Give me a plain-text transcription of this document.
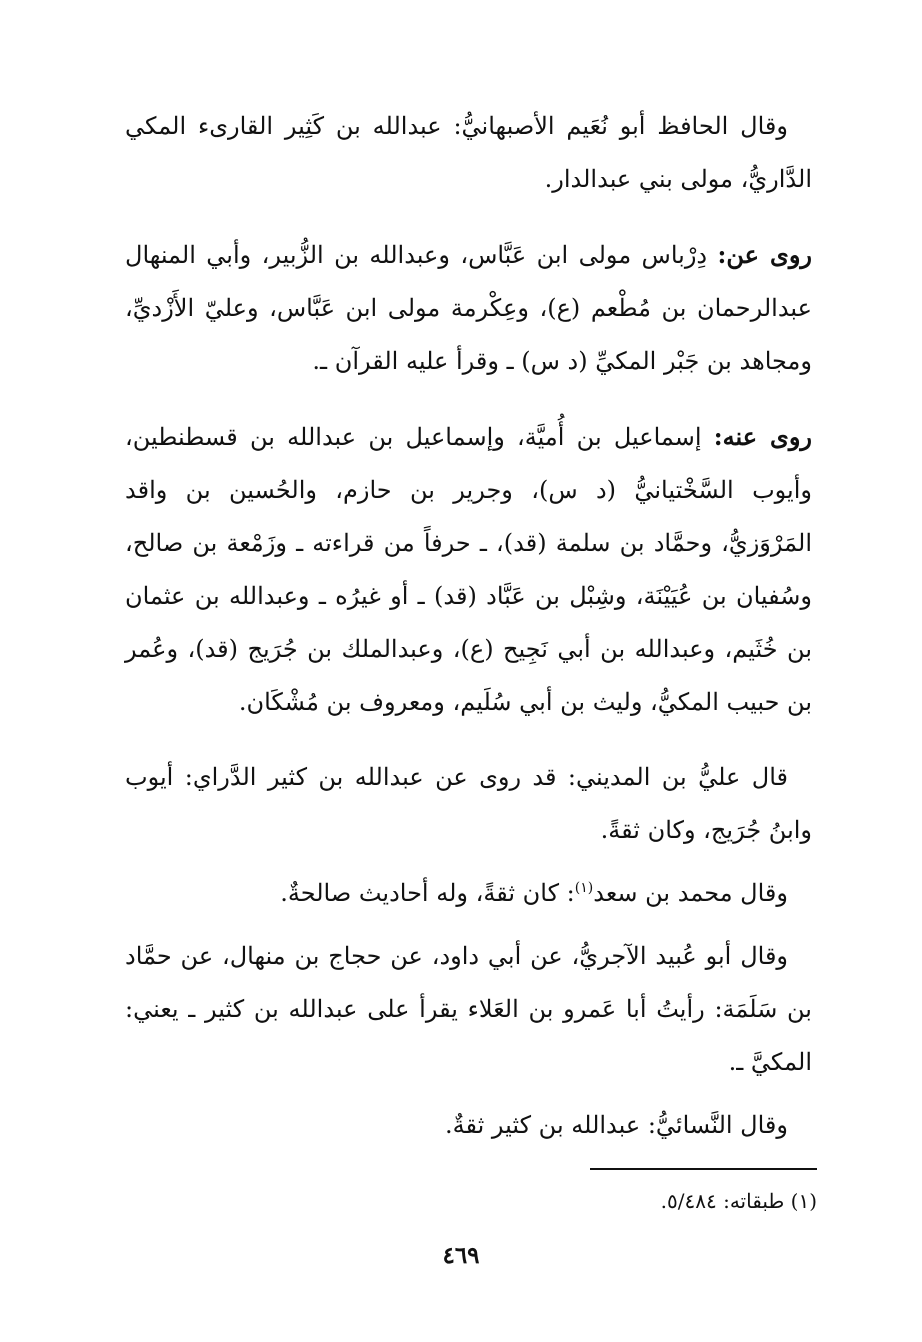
وقال الحافظ أبو نُعَيم الأصبهانيُّ: عبدالله بن كَثِير القارىء المكي الدَّاريُّ، مولى بني عبدالدار.

روى عن: دِرْباس مولى ابن عَبَّاس، وعبدالله بن الزُّبير، وأبي المنهال عبدالرحمان بن مُطْعم (ع)، وعِكْرمة مولى ابن عَبَّاس، وعليّ الأَزْديِّ، ومجاهد بن جَبْر المكيِّ (د س) ـ وقرأ عليه القرآن ـ.

روى عنه: إسماعيل بن أُميَّة، وإسماعيل بن عبدالله بن قسطنطين، وأيوب السَّخْتيانيُّ (د س)، وجرير بن حازم، والحُسين بن واقد المَرْوَزيُّ، وحمَّاد بن سلمة (قد)، ـ حرفاً من قراءته ـ وزَمْعة بن صالح، وسُفيان بن عُيَيْنَة، وشِبْل بن عَبَّاد (قد) ـ أو غيرُه ـ وعبدالله بن عثمان بن خُثَيم، وعبدالله بن أبي نَجِيح (ع)، وعبدالملك بن جُرَيج (قد)، وعُمر بن حبيب المكيُّ، وليث بن أبي سُلَيم، ومعروف بن مُشْكَان.

قال عليُّ بن المديني: قد روى عن عبدالله بن كثير الدَّراي: أيوب وابنُ جُرَيج، وكان ثقةً.

وقال محمد بن سعد$^{(١)}$: كان ثقةً، وله أحاديث صالحةٌ.

وقال أبو عُبيد الآجريُّ، عن أبي داود، عن حجاج بن منهال، عن حمَّاد بن سَلَمَة: رأيتُ أبا عَمرو بن العَلاء يقرأ على عبدالله بن كثير ـ يعني: المكيَّ ـ.

وقال النَّسائيُّ: عبدالله بن كثير ثقةٌ.

(١) طبقاته: ٥/٤٨٤.
٤٦٩
